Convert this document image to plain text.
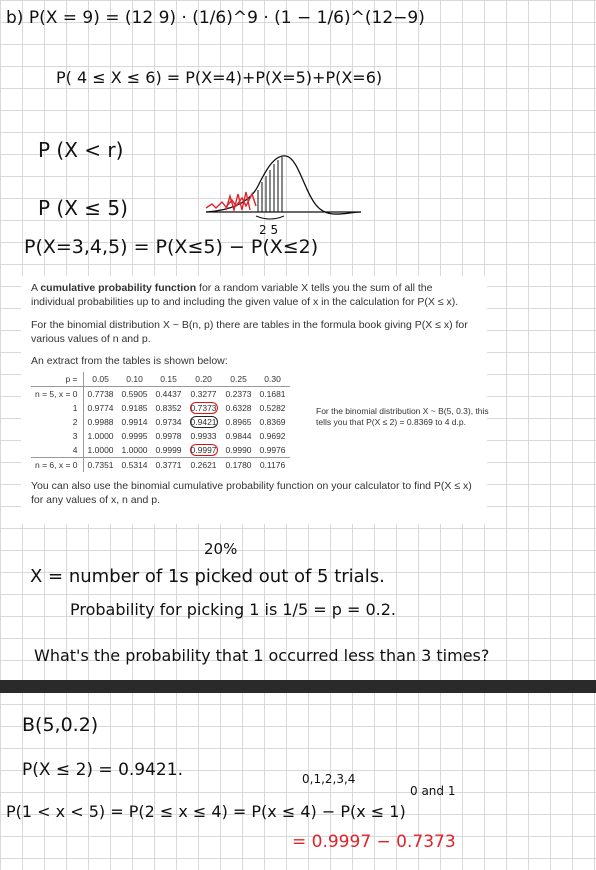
b) P(X = 9) = (12 9) · (1/6)^9 · (1 − 1/6)^(12−9)
P( 4 ≤ X ≤ 6) = P(X=4)+P(X=5)+P(X=6)
P (X < r)
P (X ≤ 5)
P(X=3,4,5) = P(X≤5) − P(X≤2)
2 5

A cumulative probability function for a random variable X tells you the sum of all the individual probabilities up to and including the given value of x in the calculation for P(X ≤ x).

For the binomial distribution X ~ B(n, p) there are tables in the formula book giving P(X ≤ x) for various values of n and p.

An extract from the tables is shown below:

p =	0.05	0.10	0.15	0.20	0.25	0.30
n = 5, x = 0	0.7738	0.5905	0.4437	0.3277	0.2373	0.1681
1	0.9774	0.9185	0.8352	0.7373	0.6328	0.5282
2	0.9988	0.9914	0.9734	0.9421	0.8965	0.8369
3	1.0000	0.9995	0.9978	0.9933	0.9844	0.9692
4	1.0000	1.0000	0.9999	0.9997	0.9990	0.9976
n = 6, x = 0	0.7351	0.5314	0.3771	0.2621	0.1780	0.1176
For the binomial distribution X ~ B(5, 0.3), this tells you that P(X ≤ 2) = 0.8369 to 4 d.p.

You can also use the binomial cumulative probability function on your calculator to find P(X ≤ x) for any values of x, n and p.

20%
X = number of 1s picked out of 5 trials.
Probability for picking 1 is 1/5 = p = 0.2.
What's the probability that 1 occurred less than 3 times?
B(5,0.2)
P(X ≤ 2) = 0.9421.	0,1,2,3,4
0 and 1
P(1 < x < 5) = P(2 ≤ x ≤ 4) = P(x ≤ 4) − P(x ≤ 1)
= 0.9997 − 0.7373
